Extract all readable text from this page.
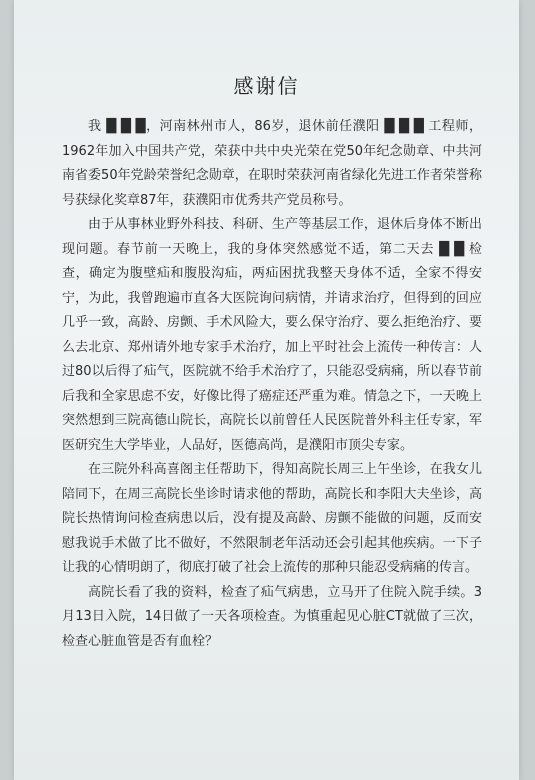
感谢信

我 █ █ █，河南林州市人，86岁，退休前任濮阳 █ █ █ 工程师，1962年加入中国共产党，荣获中共中央光荣在党50年纪念勋章、中共河南省委50年党龄荣誉纪念勋章，在职时荣获河南省绿化先进工作者荣誉称号获绿化奖章87年，获濮阳市优秀共产党员称号。

由于从事林业野外科技、科研、生产等基层工作，退休后身体不断出现问题。春节前一天晚上，我的身体突然感觉不适，第二天去 █ █ 检查，确定为腹壁疝和腹股沟疝，两疝困扰我整天身体不适，全家不得安宁，为此，我曾跑遍市直各大医院询问病情，并请求治疗，但得到的回应几乎一致，高龄、房颤、手术风险大，要么保守治疗、要么拒绝治疗、要么去北京、郑州请外地专家手术治疗，加上平时社会上流传一种传言：人过80以后得了疝气，医院就不给手术治疗了，只能忍受病痛，所以春节前后我和全家思虑不安，好像比得了癌症还严重为难。情急之下，一天晚上突然想到三院高德山院长，高院长以前曾任人民医院普外科主任专家，军医研究生大学毕业，人品好，医德高尚，是濮阳市顶尖专家。

在三院外科高喜阁主任帮助下，得知高院长周三上午坐诊，在我女儿陪同下，在周三高院长坐诊时请求他的帮助，高院长和李阳大夫坐诊，高院长热情询问检查病患以后，没有提及高龄、房颤不能做的问题，反而安慰我说手术做了比不做好，不然限制老年活动还会引起其他疾病。一下子让我的心情明朗了，彻底打破了社会上流传的那种只能忍受病痛的传言。

高院长看了我的资料，检查了疝气病患，立马开了住院入院手续。3月13日入院，14日做了一天各项检查。为慎重起见心脏CT就做了三次，检查心脏血管是否有血栓？
